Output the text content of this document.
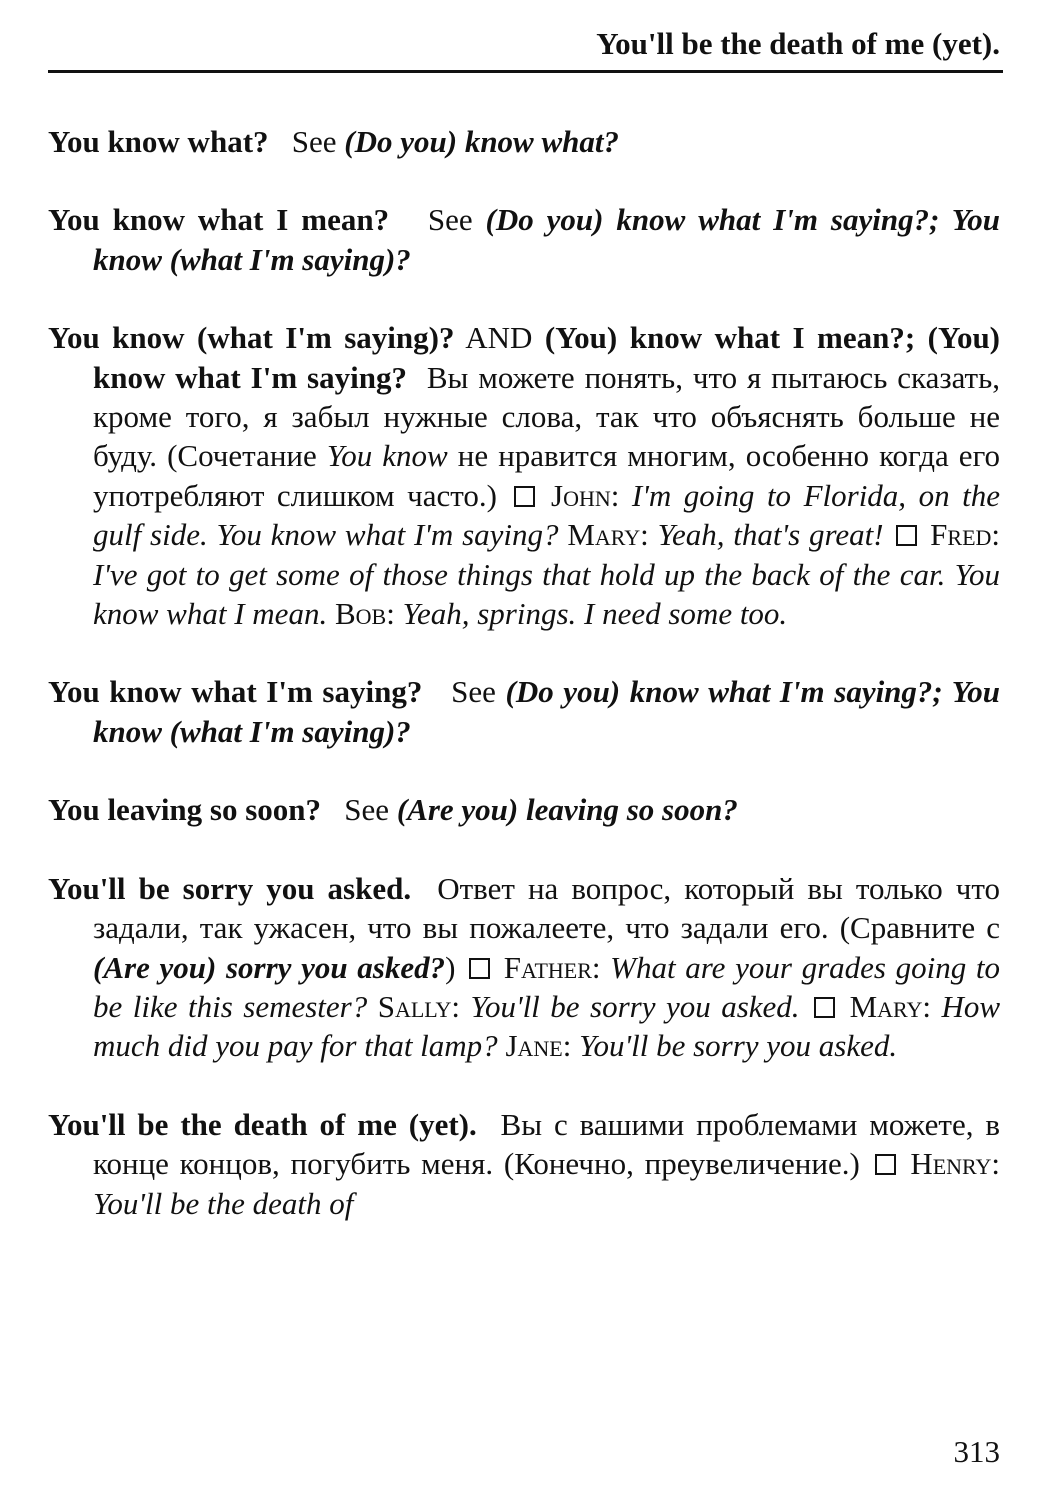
You'll be the death of me (yet).

You know what? See (Do you) know what?

You know what I mean? See (Do you) know what I'm saying?; You know (what I'm saying)?

You know (what I'm saying)? AND (You) know what I mean?; (You) know what I'm saying? Вы можете понять, что я пытаюсь сказать, кроме того, я забыл нужные слова, так что объяснять больше не буду. (Сочетание You know не нравится многим, особенно когда его употребляют слишком часто.) John: I'm going to Florida, on the gulf side. You know what I'm saying? Mary: Yeah, that's great! Fred: I've got to get some of those things that hold up the back of the car. You know what I mean. Bob: Yeah, springs. I need some too.

You know what I'm saying? See (Do you) know what I'm saying?; You know (what I'm saying)?

You leaving so soon? See (Are you) leaving so soon?

You'll be sorry you asked. Ответ на вопрос, который вы только что задали, так ужасен, что вы пожалеете, что задали его. (Сравните с (Are you) sorry you asked?) Father: What are your grades going to be like this semester? Sally: You'll be sorry you asked. Mary: How much did you pay for that lamp? Jane: You'll be sorry you asked.

You'll be the death of me (yet). Вы с вашими проблемами можете, в конце концов, погубить меня. (Конечно, преувеличение.) Henry: You'll be the death of

313
